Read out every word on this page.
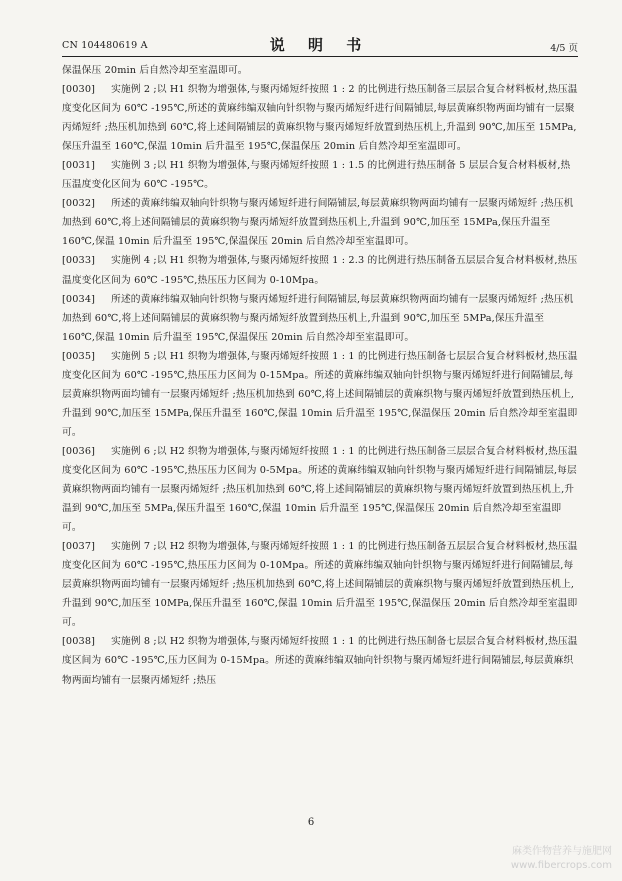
CN 104480619 A	说 明 书	4/5 页

保温保压 20min 后自然冷却至室温即可。

[0030] 实施例 2 ;以 H1 织物为增强体,与聚丙烯短纤按照 1 : 2 的比例进行热压制备三层层合复合材料板材,热压温度变化区间为 60℃ -195℃,所述的黄麻纬编双轴向针织物与聚丙烯短纤进行间隔铺层,每层黄麻织物两面均铺有一层聚丙烯短纤 ;热压机加热到 60℃,将上述间隔铺层的黄麻织物与聚丙烯短纤放置到热压机上,升温到 90℃,加压至 15MPa,保压升温至 160℃,保温 10min 后升温至 195℃,保温保压 20min 后自然冷却至室温即可。

[0031] 实施例 3 ;以 H1 织物为增强体,与聚丙烯短纤按照 1 : 1.5 的比例进行热压制备 5 层层合复合材料板材,热压温度变化区间为 60℃ -195℃。

[0032] 所述的黄麻纬编双轴向针织物与聚丙烯短纤进行间隔铺层,每层黄麻织物两面均铺有一层聚丙烯短纤 ;热压机加热到 60℃,将上述间隔铺层的黄麻织物与聚丙烯短纤放置到热压机上,升温到 90℃,加压至 15MPa,保压升温至 160℃,保温 10min 后升温至 195℃,保温保压 20min 后自然冷却至室温即可。

[0033] 实施例 4 ;以 H1 织物为增强体,与聚丙烯短纤按照 1 : 2.3 的比例进行热压制备五层层合复合材料板材,热压温度变化区间为 60℃ -195℃,热压压力区间为 0-10Mpa。

[0034] 所述的黄麻纬编双轴向针织物与聚丙烯短纤进行间隔铺层,每层黄麻织物两面均铺有一层聚丙烯短纤 ;热压机加热到 60℃,将上述间隔铺层的黄麻织物与聚丙烯短纤放置到热压机上,升温到 90℃,加压至 5MPa,保压升温至 160℃,保温 10min 后升温至 195℃,保温保压 20min 后自然冷却至室温即可。

[0035] 实施例 5 ;以 H1 织物为增强体,与聚丙烯短纤按照 1 : 1 的比例进行热压制备七层层合复合材料板材,热压温度变化区间为 60℃ -195℃,热压压力区间为 0-15Mpa。所述的黄麻纬编双轴向针织物与聚丙烯短纤进行间隔铺层,每层黄麻织物两面均铺有一层聚丙烯短纤 ;热压机加热到 60℃,将上述间隔铺层的黄麻织物与聚丙烯短纤放置到热压机上,升温到 90℃,加压至 15MPa,保压升温至 160℃,保温 10min 后升温至 195℃,保温保压 20min 后自然冷却至室温即可。

[0036] 实施例 6 ;以 H2 织物为增强体,与聚丙烯短纤按照 1 : 1 的比例进行热压制备三层层合复合材料板材,热压温度变化区间为 60℃ -195℃,热压压力区间为 0-5Mpa。所述的黄麻纬编双轴向针织物与聚丙烯短纤进行间隔铺层,每层黄麻织物两面均铺有一层聚丙烯短纤 ;热压机加热到 60℃,将上述间隔铺层的黄麻织物与聚丙烯短纤放置到热压机上,升温到 90℃,加压至 5MPa,保压升温至 160℃,保温 10min 后升温至 195℃,保温保压 20min 后自然冷却至室温即可。

[0037] 实施例 7 ;以 H2 织物为增强体,与聚丙烯短纤按照 1 : 1 的比例进行热压制备五层层合复合材料板材,热压温度变化区间为 60℃ -195℃,热压压力区间为 0-10Mpa。所述的黄麻纬编双轴向针织物与聚丙烯短纤进行间隔铺层,每层黄麻织物两面均铺有一层聚丙烯短纤 ;热压机加热到 60℃,将上述间隔铺层的黄麻织物与聚丙烯短纤放置到热压机上,升温到 90℃,加压至 10MPa,保压升温至 160℃,保温 10min 后升温至 195℃,保温保压 20min 后自然冷却至室温即可。

[0038] 实施例 8 ;以 H2 织物为增强体,与聚丙烯短纤按照 1 : 1 的比例进行热压制备七层层合复合材料板材,热压温度区间为 60℃ -195℃,压力区间为 0-15Mpa。所述的黄麻纬编双轴向针织物与聚丙烯短纤进行间隔铺层,每层黄麻织物两面均铺有一层聚丙烯短纤 ;热压

6
麻类作物营养与施肥网
www.fibercrops.com
